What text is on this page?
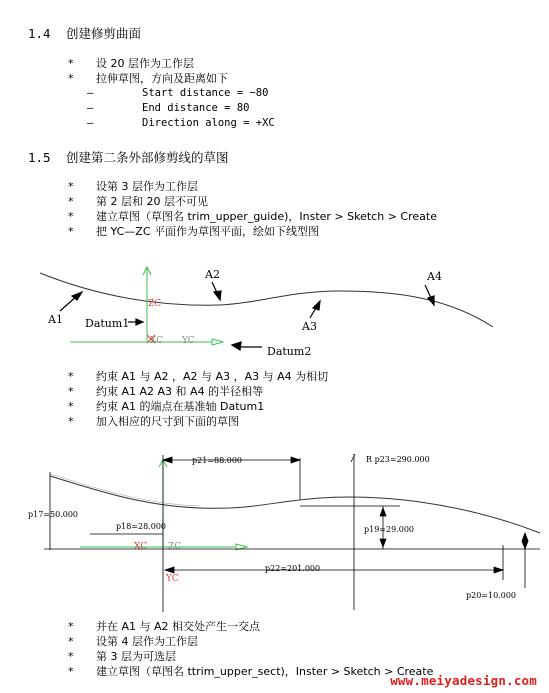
1.4 创建修剪曲面
*	设 20 层作为工作层
*	拉伸草图，方向及距离如下
—	Start distance = −80
—	End distance = 80
—	Direction along = +XC
1.5 创建第二条外部修剪线的草图
*	设第 3 层作为工作层
*	第 2 层和 20 层不可见
*	建立草图（草图名 trim_upper_guide)，Inster > Sketch > Create
*	把 YC—ZC 平面作为草图平面，绘如下线型图
ZC
XC YC
A1
A2
A3
A4
Datum1
Datum2
*	约束 A1 与 A2 ，A2 与 A3 ，A3 与 A4 为相切
*	约束 A1 A2 A3 和 A4 的半径相等
*	约束 A1 的端点在基准轴 Datum1
*	加入相应的尺寸到下面的草图
XC ZC
YC
p21=88.000	R p23=290.000
p17=50.000
p18=28.000	p19=29.000
p22=201.000
p20=10.000
*	并在 A1 与 A2 相交处产生一交点
*	设第 4 层作为工作层
*	第 3 层为可选层
*	建立草图（草图名 ttrim_upper_sect)，Inster > Sketch > Create
www.meiyadesign.com
